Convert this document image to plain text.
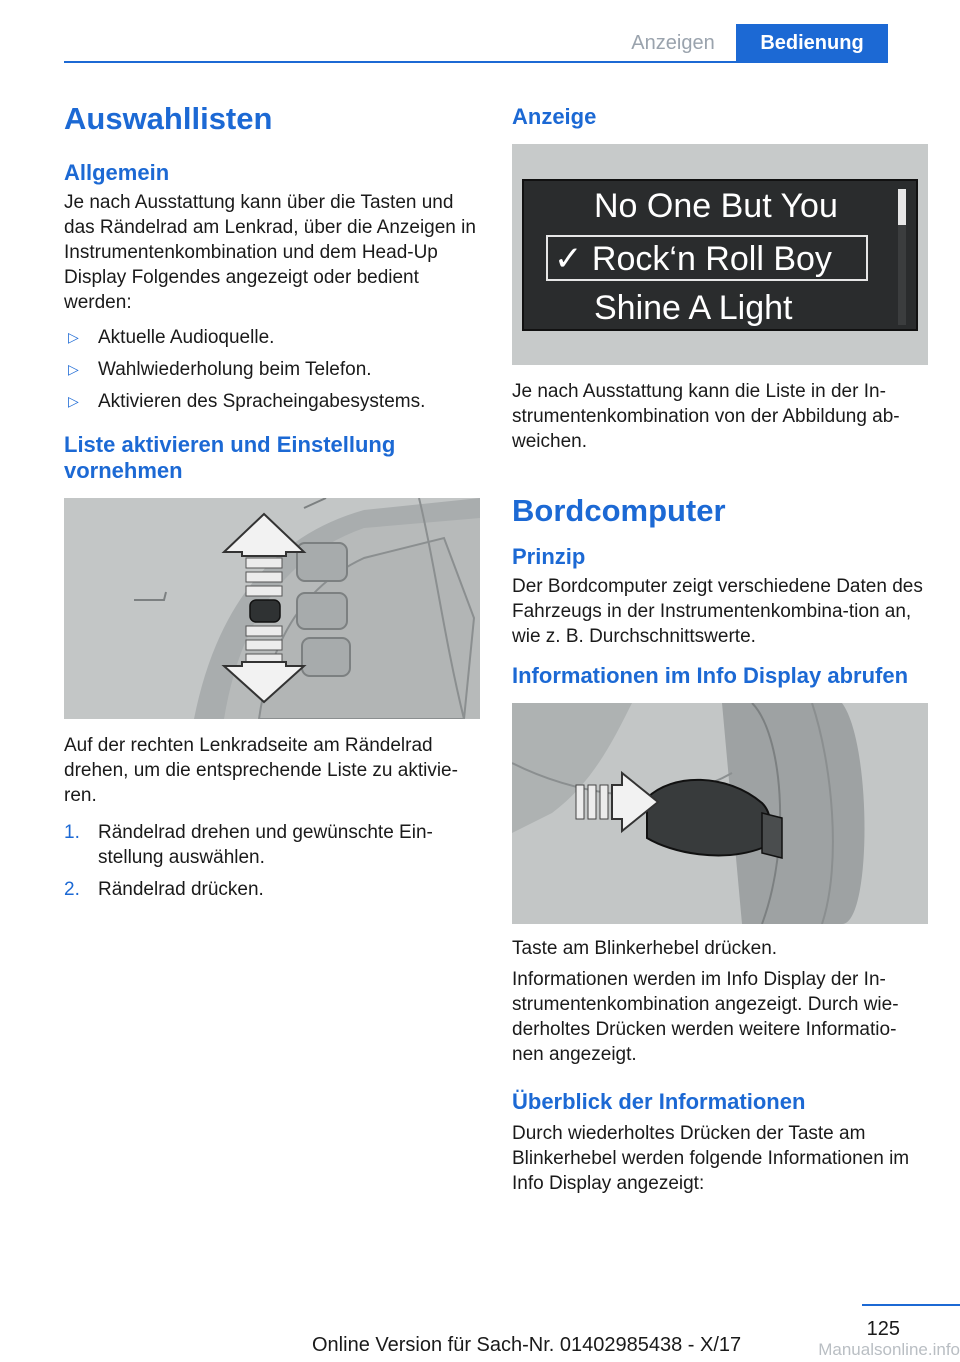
Anzeigen	Bedienung
Auswahllisten
Allgemein

Je nach Ausstattung kann über die Tasten und das Rändelrad am Lenkrad, über die Anzeigen in Instrumentenkombination und dem Head-Up Display Folgendes angezeigt oder bedient werden:

▷ Aktuelle Audioquelle.
▷ Wahlwiederholung beim Telefon.
▷ Aktivieren des Spracheingabesystems.
Liste aktivieren und Einstellung vornehmen

Auf der rechten Lenkradseite am Rändelrad drehen, um die entsprechende Liste zu aktivie-ren.

1. Rändelrad drehen und gewünschte Ein-stellung auswählen.
2. Rändelrad drücken.
Anzeige
No One But You
✓ Rock‘n Roll Boy
Shine A Light

Je nach Ausstattung kann die Liste in der In-strumentenkombination von der Abbildung ab-weichen.

Bordcomputer
Prinzip

Der Bordcomputer zeigt verschiedene Daten des Fahrzeugs in der Instrumentenkombina-tion an, wie z. B. Durchschnittswerte.

Informationen im Info Display abrufen

Taste am Blinkerhebel drücken.

Informationen werden im Info Display der In-strumentenkombination angezeigt. Durch wie-derholtes Drücken werden weitere Informatio-nen angezeigt.

Überblick der Informationen

Durch wiederholtes Drücken der Taste am Blinkerhebel werden folgende Informationen im Info Display angezeigt:

125
Manualsonline.info
Online Version für Sach-Nr. 01402985438 - X/17
